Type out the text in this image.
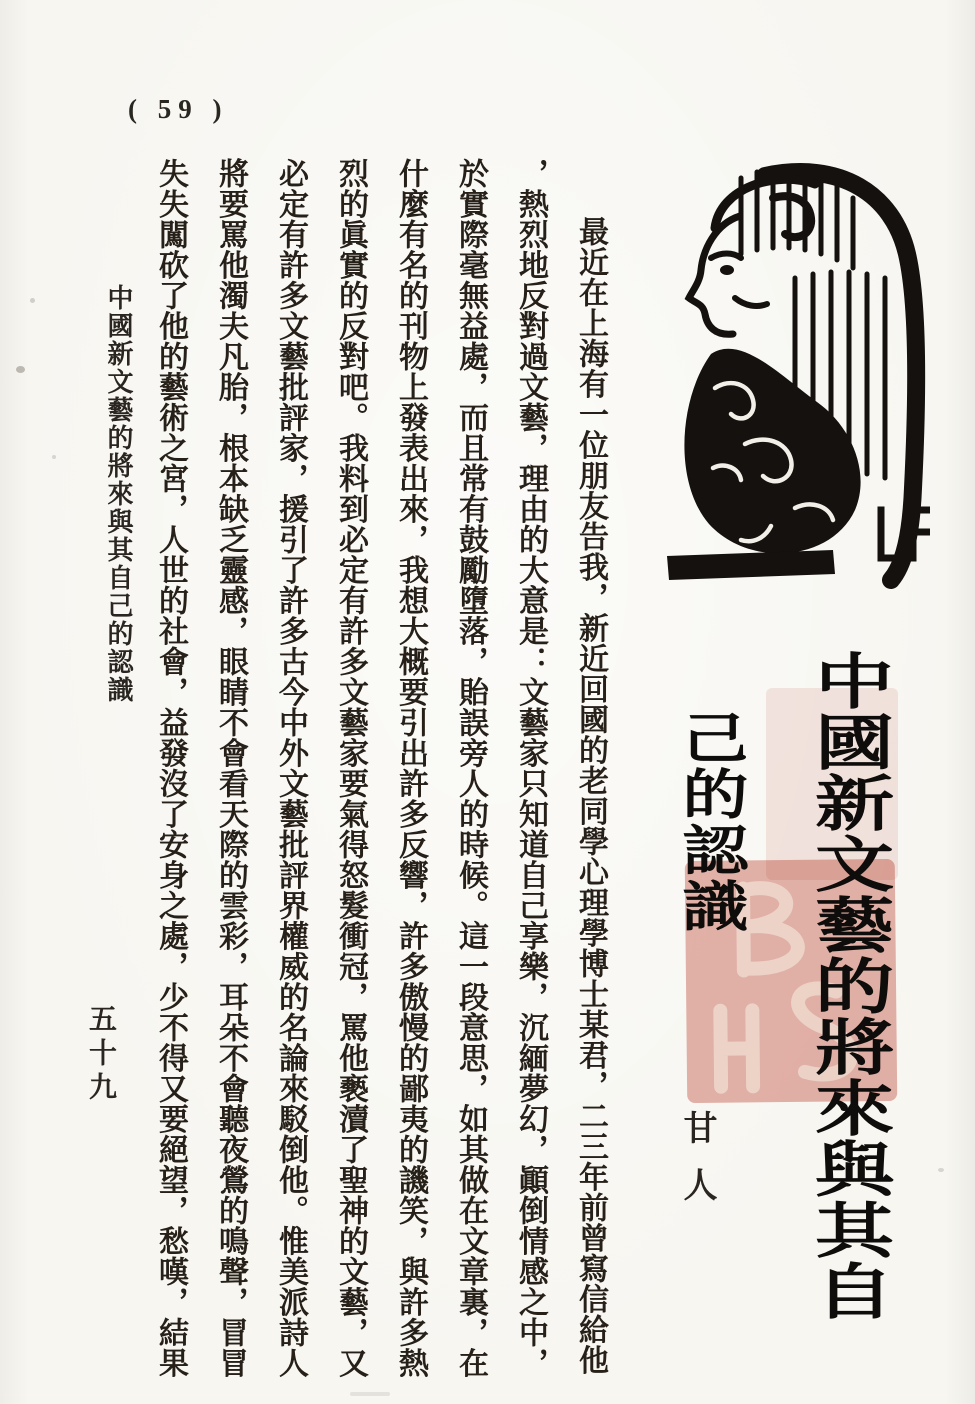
( 59 )

最近在上海有一位朋友告我，新近回國的老同學心理學博士某君，二三年前曾寫信給他

，熱烈地反對過文藝，理由的大意是：文藝家只知道自己享樂，沉緬夢幻，顚倒情感之中，

於實際毫無益處，而且常有鼓勵墮落，貽誤旁人的時候。這一段意思，如其做在文章裏，在

什麼有名的刊物上發表出來，我想大概要引出許多反響，許多傲慢的鄙夷的譏笑，與許多熱

烈的眞實的反對吧。我料到必定有許多文藝家要氣得怒髮衝冠，罵他褻瀆了聖神的文藝，又

必定有許多文藝批評家，援引了許多古今中外文藝批評界權威的名論來駁倒他。惟美派詩人

將要罵他濁夫凡胎，根本缺乏靈感，眼睛不會看天際的雲彩，耳朵不會聽夜鶯的鳴聲，冒冒

失失闖砍了他的藝術之宮，人世的社會，益發沒了安身之處，少不得又要絕望，愁嘆，結果	中國新文藝的將來與其自
己的認識
甘人
中國新文藝的將來與其自己的認識
五十九
